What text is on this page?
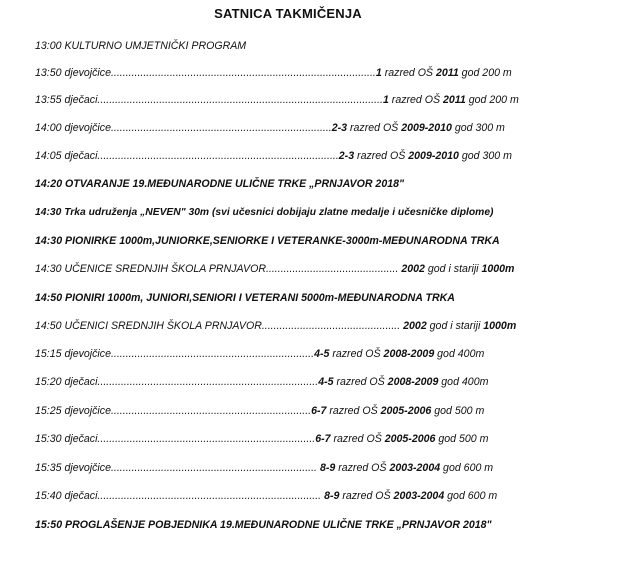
SATNICA TAKMIČENJA
13:00 KULTURNO UMJETNIČKI PROGRAM
13:50 djevojčice..........................................................................................1 razred OŠ 2011 god 200 m
13:55 dječaci.................................................................................................1 razred OŠ 2011 god 200 m
14:00 djevojčice...........................................................................2-3 razred OŠ 2009-2010 god 300 m
14:05 dječaci..................................................................................2-3 razred OŠ 2009-2010 god 300 m
14:20 OTVARANJE 19.MEĐUNARODNE ULIČNE TRKE „PRNJAVOR 2018"
14:30 Trka udruženja „NEVEN" 30m (svi učesnici dobijaju zlatne medalje i učesničke diplome)
14:30 PIONIRKE 1000m,JUNIORKE,SENIORKE I VETERANKE-3000m-MEĐUNARODNA TRKA
14:30 UČENICE SREDNJIH ŠKOLA PRNJAVOR............................................. 2002 god i stariji 1000m
14:50 PIONIRI 1000m, JUNIORI,SENIORI I VETERANI 5000m-MEĐUNARODNA TRKA
14:50 UČENICI SREDNJIH ŠKOLA PRNJAVOR............................................... 2002 god i stariji 1000m
15:15 djevojčice.....................................................................4-5 razred OŠ 2008-2009 god 400m
15:20 dječaci...........................................................................4-5 razred OŠ 2008-2009 god 400m
15:25 djevojčice....................................................................6-7 razred OŠ 2005-2006 god 500 m
15:30 dječaci..........................................................................6-7 razred OŠ 2005-2006 god 500 m
15:35 djevojčice...................................................................... 8-9 razred OŠ 2003-2004 god 600 m
15:40 dječaci............................................................................ 8-9 razred OŠ 2003-2004 god 600 m
15:50 PROGLAŠENJE POBJEDNIKA 19.MEĐUNARODNE ULIČNE TRKE „PRNJAVOR 2018"
